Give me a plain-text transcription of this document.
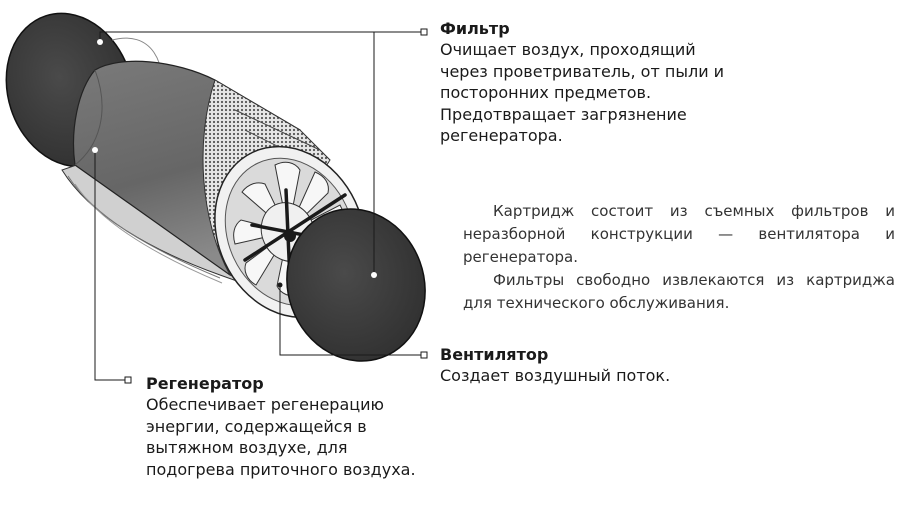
Фильтр
Очищает воздух, проходящий через проветриватель, от пыли и посторонних предметов. Предотвращает загрязнение регенератора.

Картридж состоит из съемных фильтров и неразборной конструкции — вентилятора и регенератора.

Фильтры свободно извлекаются из картриджа для технического обслуживания.

Вентилятор
Создает воздушный поток.
Регенератор
Обеспечивает регенерацию энергии, содержащейся в вытяжном воздухе, для подогрева приточного воздуха.
